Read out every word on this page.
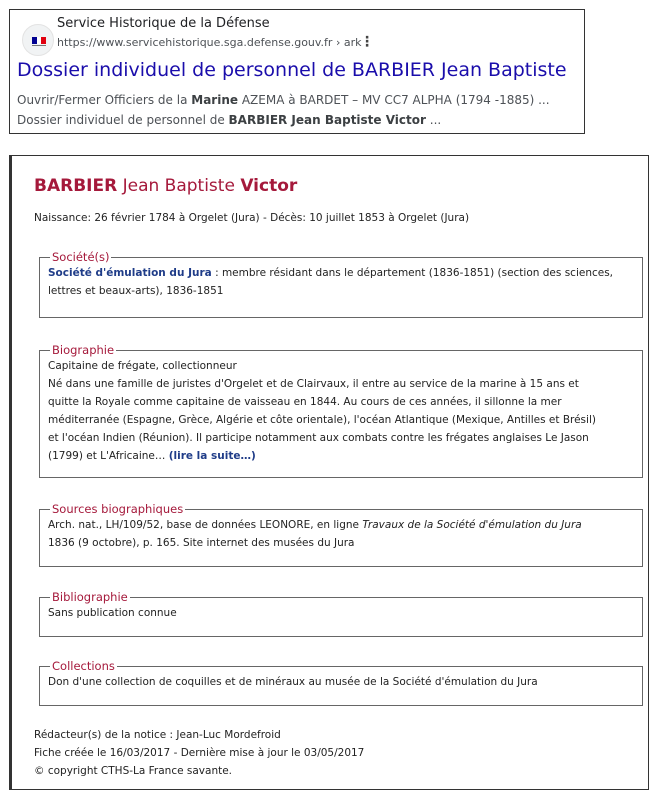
Service Historique de la Défense
https://www.servicehistorique.sga.defense.gouv.fr › ark
⋮
Dossier individuel de personnel de BARBIER Jean Baptiste
Ouvrir/Fermer Officiers de la Marine AZEMA à BARDET – MV CC7 ALPHA (1794 -1885) ...
Dossier individuel de personnel de BARBIER Jean Baptiste Victor ...
BARBIER Jean Baptiste Victor
Naissance: 26 février 1784 à Orgelet (Jura) - Décès: 10 juillet 1853 à Orgelet (Jura)
Société(s)

Société d'émulation du Jura : membre résidant dans le département (1836-1851) (section des sciences,

lettres et beaux-arts), 1836-1851

Biographie

Capitaine de frégate, collectionneur

Né dans une famille de juristes d'Orgelet et de Clairvaux, il entre au service de la marine à 15 ans et

quitte la Royale comme capitaine de vaisseau en 1844. Au cours de ces années, il sillonne la mer

méditerranée (Espagne, Grèce, Algérie et côte orientale), l'océan Atlantique (Mexique, Antilles et Brésil)

et l'océan Indien (Réunion). Il participe notamment aux combats contre les frégates anglaises Le Jason

(1799) et L'Africaine… (lire la suite…)

Sources biographiques

Arch. nat., LH/109/52, base de données LEONORE, en ligne Travaux de la Société d'émulation du Jura

1836 (9 octobre), p. 165. Site internet des musées du Jura

Bibliographie

Sans publication connue

Collections

Don d'une collection de coquilles et de minéraux au musée de la Société d'émulation du Jura

Rédacteur(s) de la notice : Jean-Luc Mordefroid
Fiche créée le 16/03/2017 - Dernière mise à jour le 03/05/2017
© copyright CTHS-La France savante.
